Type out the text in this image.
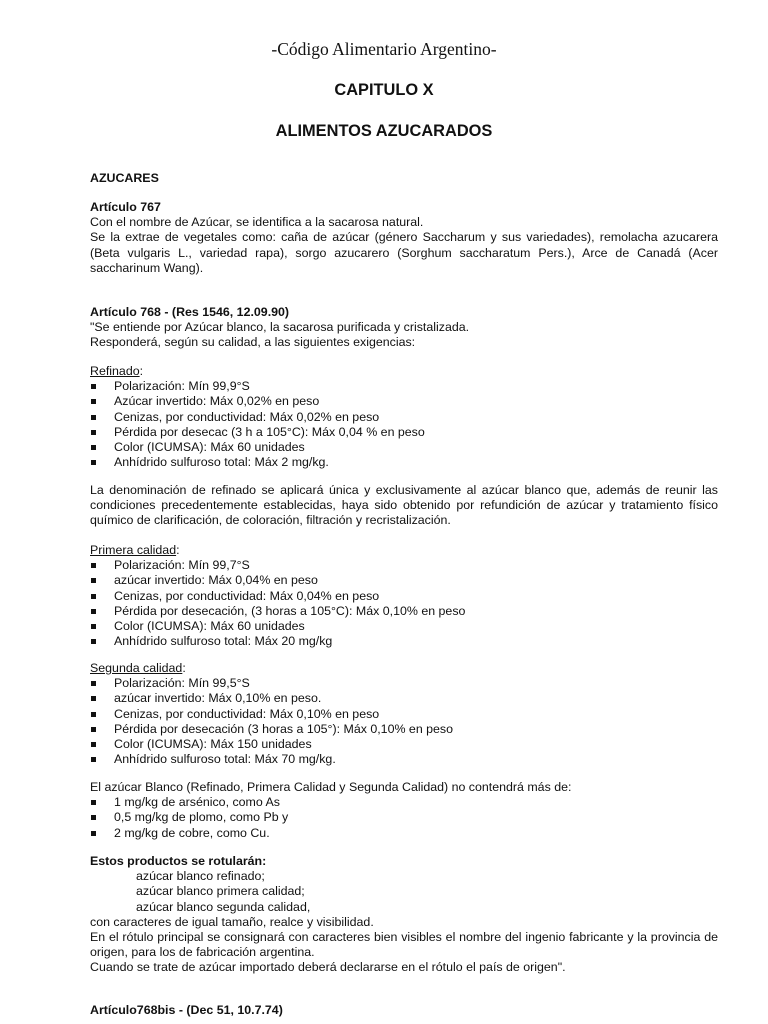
-Código Alimentario Argentino-
CAPITULO X
ALIMENTOS AZUCARADOS
AZUCARES

Artículo 767

Con el nombre de Azúcar, se identifica a la sacarosa natural.

Se la extrae de vegetales como: caña de azúcar (género Saccharum y sus variedades), remolacha azucarera (Beta vulgaris L., variedad rapa), sorgo azucarero (Sorghum saccharatum Pers.), Arce de Canadá (Acer saccharinum Wang).

Artículo 768 - (Res 1546, 12.09.90)

"Se entiende por Azúcar blanco, la sacarosa purificada y cristalizada.

Responderá, según su calidad, a las siguientes exigencias:

Refinado:

Polarización: Mín 99,9°S
Azúcar invertido: Máx 0,02% en peso
Cenizas, por conductividad: Máx 0,02% en peso
Pérdida por desecac (3 h a 105°C): Máx 0,04 % en peso
Color (ICUMSA): Máx 60 unidades
Anhídrido sulfuroso total: Máx 2 mg/kg.
La denominación de refinado se aplicará única y exclusivamente al azúcar blanco que, además de reunir las condiciones precedentemente establecidas, haya sido obtenido por refundición de azúcar y tratamiento físico químico de clarificación, de coloración, filtración y recristalización.

Primera calidad:

Polarización: Mín 99,7°S
azúcar invertido: Máx 0,04% en peso
Cenizas, por conductividad: Máx 0,04% en peso
Pérdida por desecación, (3 horas a 105°C): Máx 0,10% en peso
Color (ICUMSA): Máx 60 unidades
Anhídrido sulfuroso total: Máx 20 mg/kg

Segunda calidad:

Polarización: Mín 99,5°S
azúcar invertido: Máx 0,10% en peso.
Cenizas, por conductividad: Máx 0,10% en peso
Pérdida por desecación (3 horas a 105°): Máx 0,10% en peso
Color (ICUMSA): Máx 150 unidades
Anhídrido sulfuroso total: Máx 70 mg/kg.

El azúcar Blanco (Refinado, Primera Calidad y Segunda Calidad) no contendrá más de:

1 mg/kg de arsénico, como As
0,5 mg/kg de plomo, como Pb y
2 mg/kg de cobre, como Cu.

Estos productos se rotularán:

azúcar blanco refinado;

azúcar blanco primera calidad;

azúcar blanco segunda calidad,

con caracteres de igual tamaño, realce y visibilidad.

En el rótulo principal se consignará con caracteres bien visibles el nombre del ingenio fabricante y la provincia de origen, para los de fabricación argentina.

Cuando se trate de azúcar importado deberá declararse en el rótulo el país de origen".

Artículo768bis - (Dec 51, 10.7.74)
